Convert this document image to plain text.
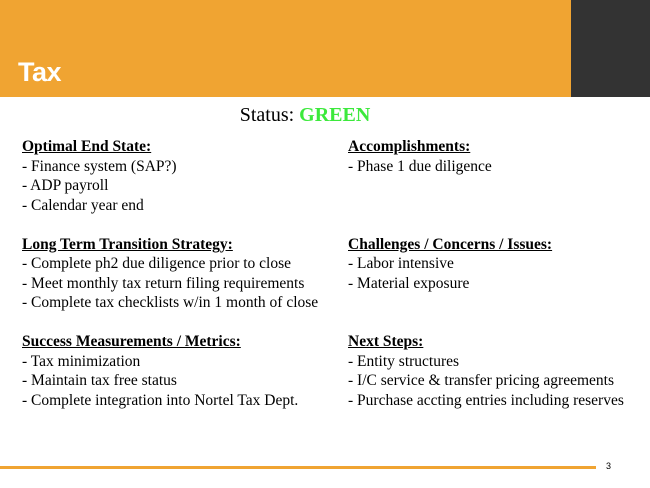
Tax
Status: GREEN
Optimal End State:
- Finance system (SAP?)
- ADP payroll
- Calendar year end
Long Term Transition Strategy:
- Complete ph2 due diligence prior to close
- Meet monthly tax return filing requirements
- Complete tax checklists w/in 1 month of close
Success Measurements / Metrics:
- Tax minimization
- Maintain tax free status
- Complete integration into Nortel Tax Dept.
Accomplishments:
- Phase 1 due diligence
Challenges / Concerns / Issues:
- Labor intensive
- Material exposure
Next Steps:
- Entity structures
- I/C service & transfer pricing agreements
- Purchase accting entries including reserves
3
